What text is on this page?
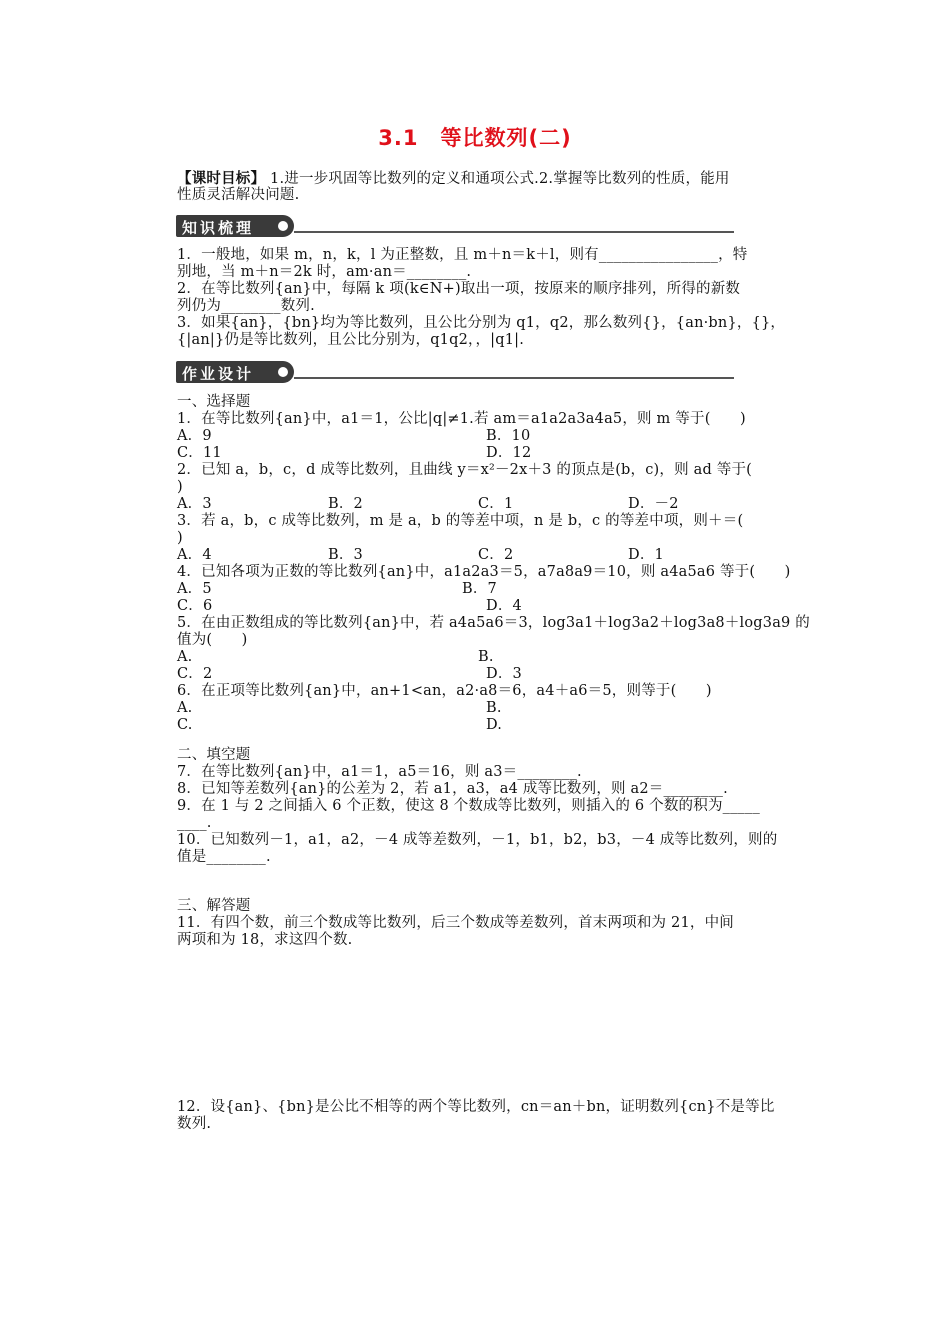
3.1　等比数列(二)
【课时目标】 1.进一步巩固等比数列的定义和通项公式.2.掌握等比数列的性质，能用
性质灵活解决问题.
知识梳理
1．一般地，如果 m，n，k，l 为正整数，且 m＋n＝k＋l，则有________________，特
别地，当 m＋n＝2k 时，am·an＝________.
2．在等比数列{an}中，每隔 k 项(k∈N+)取出一项，按原来的顺序排列，所得的新数
列仍为________数列.
3．如果{an}，{bn}均为等比数列，且公比分别为 q1，q2，那么数列{}，{an·bn}，{}，
{|an|}仍是等比数列，且公比分别为，q1q2，，|q1|.
作业设计
一、选择题
1．在等比数列{an}中，a1＝1，公比|q|≠1.若 am＝a1a2a3a4a5，则 m 等于(　　)
A．9	B．10
C．11	D．12
2．已知 a，b，c，d 成等比数列，且曲线 y＝x²－2x＋3 的顶点是(b，c)，则 ad 等于(
)
A．3	B．2	C．1	D．－2
3．若 a，b，c 成等比数列，m 是 a，b 的等差中项，n 是 b，c 的等差中项，则＋＝(
)
A．4	B．3	C．2	D．1
4．已知各项为正数的等比数列{an}中，a1a2a3＝5，a7a8a9＝10，则 a4a5a6 等于(　　)
A．5	B．7
C．6	D．4
5．在由正数组成的等比数列{an}中，若 a4a5a6＝3，log3a1＋log3a2＋log3a8＋log3a9 的
值为(　　)
A.	B.
C．2	D．3
6．在正项等比数列{an}中，an+1<an，a2·a8＝6，a4＋a6＝5，则等于(　　)
A.	B.
C.	D.
二、填空题
7．在等比数列{an}中，a1＝1，a5＝16，则 a3＝________.
8．已知等差数列{an}的公差为 2，若 a1，a3，a4 成等比数列，则 a2＝________.
9．在 1 与 2 之间插入 6 个正数，使这 8 个数成等比数列，则插入的 6 个数的积为_____
____.
10．已知数列－1，a1，a2，－4 成等差数列，－1，b1，b2，b3，－4 成等比数列，则的
值是________.
三、解答题
11．有四个数，前三个数成等比数列，后三个数成等差数列，首末两项和为 21，中间
两项和为 18，求这四个数.
12．设{an}、{bn}是公比不相等的两个等比数列，cn＝an＋bn，证明数列{cn}不是等比
数列.
